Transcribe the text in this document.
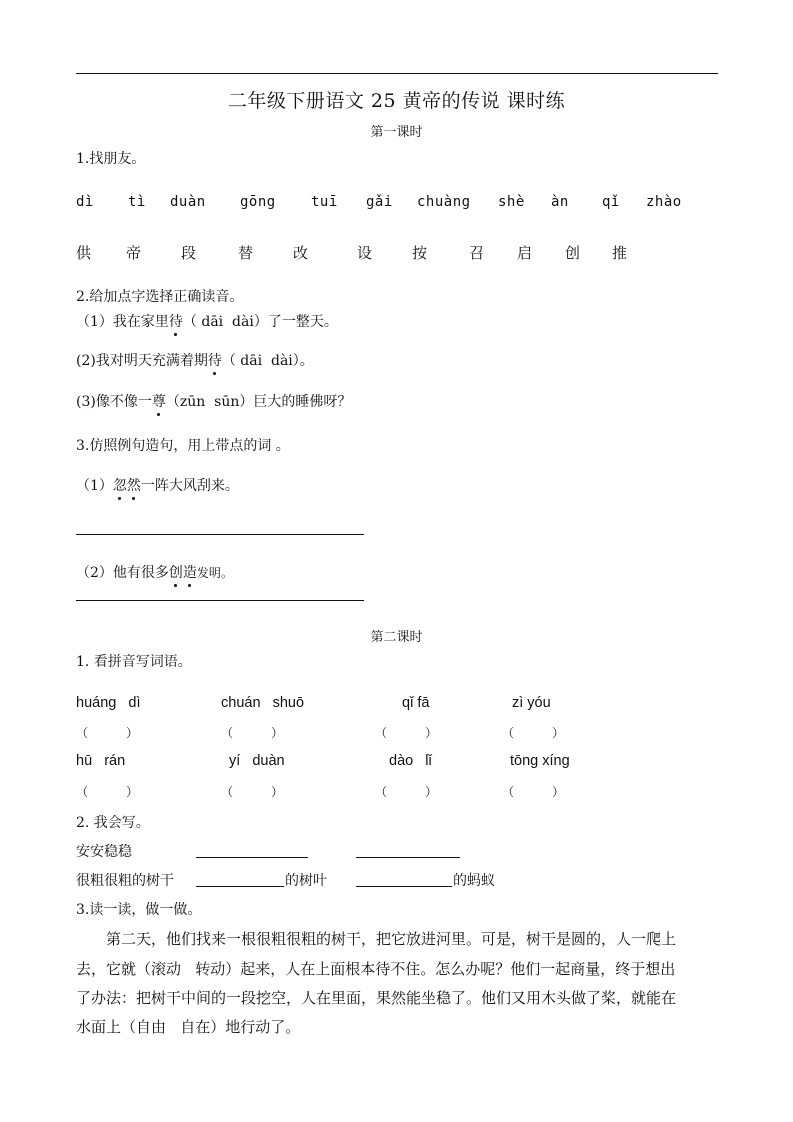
二年级下册语文 25 黄帝的传说 课时练
第一课时
1.找朋友。
dì tì duàn gōng	tuī gǎi chuàng shè àn qǐ zhào
供 帝	段	替	改	设	按	召 启 创 推
2.给加点字选择正确读音。
（1）我在家里待（ dāi  dài）了一整天。
(2)我对明天充满着期待（ dāi  dài）。
(3)像不像一尊（zūn  sūn）巨大的睡佛呀？
3.仿照例句造句，用上带点的词 。
（1）忽然一阵大风刮来。
（2）他有很多创造发明。
第二课时
1. 看拼音写词语。
huáng   dì	chuán   shuō	qǐ fā	zì yóu
（          ）	（          ）	（          ）	（          ）
hū   rán	yí   duàn	dào   lǐ	tōng xíng
（          ）	（          ）	（          ）	（          ）
2. 我会写。
安安稳稳
很粗很粗的树干	的树叶	的蚂蚁
3.读一读，做一做。
第二天，他们找来一根很粗很粗的树干，把它放进河里。可是，树干是圆的，人一爬上
去，它就（滚动   转动）起来，人在上面根本待不住。怎么办呢？他们一起商量，终于想出
了办法：把树干中间的一段挖空，人在里面，果然能坐稳了。他们又用木头做了桨，就能在
水面上（自由   自在）地行动了。
